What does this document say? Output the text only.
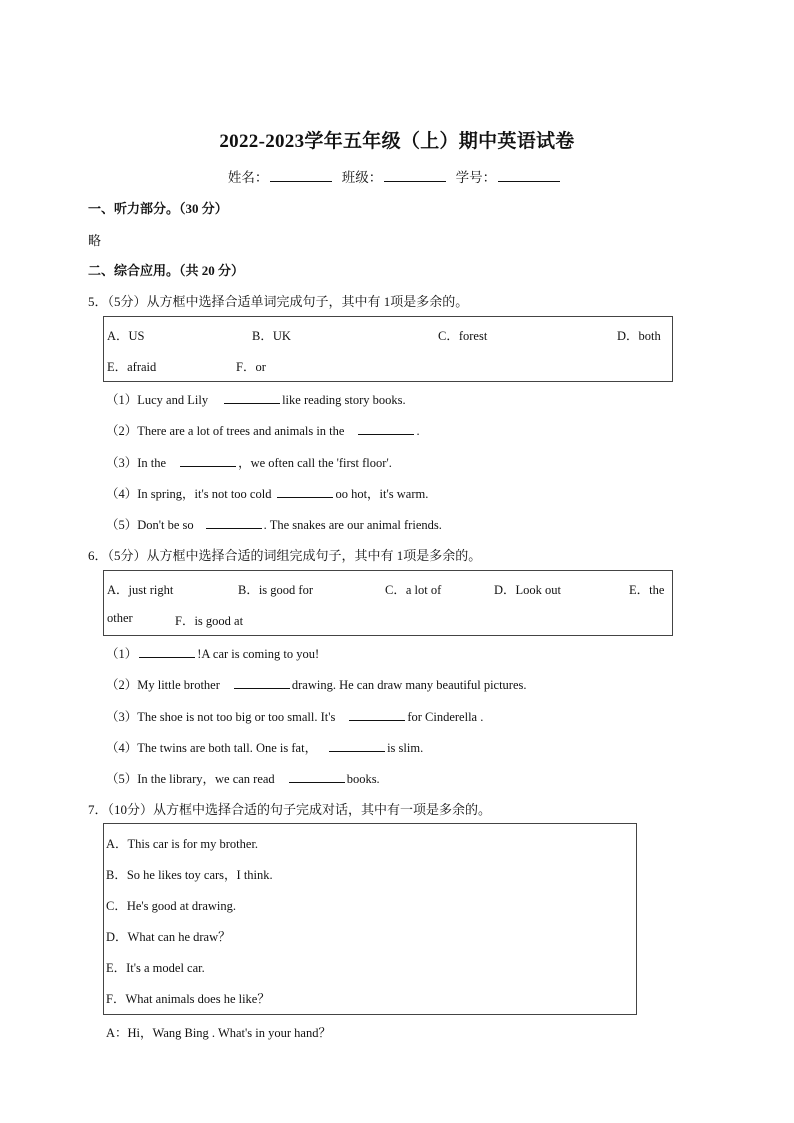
2022-2023学年五年级（上）期中英语试卷
姓名：	班级：	学号：
一、听力部分。（30 分）
略
二、综合应用。（共 20 分）
5．（5分）从方框中选择合适单词完成句子，其中有 1项是多余的。
A．US	B．UK	C．forest	D．both
E．afraid	F．or
（1）Lucy and Lily	like reading story books.
（2）There are a lot of trees and animals in the	.
（3）In the	，we often call the 'first floor'.
（4）In spring，it's not too cold	oo hot，it's warm.
（5）Don't be so	. The snakes are our animal friends.
6．（5分）从方框中选择合适的词组完成句子，其中有 1项是多余的。
A．just right	B．is good for	C．a lot of	D．Look out	E．the
other	F．is good at
（1）	!A car is coming to you!
（2）My little brother	drawing. He can draw many beautiful pictures.
（3）The shoe is not too big or too small. It's	for Cinderella .
（4）The twins are both tall. One is fat，	is slim.
（5）In the library，we can read	books.
7．（10分）从方框中选择合适的句子完成对话，其中有一项是多余的。
A．This car is for my brother.
B．So he likes toy cars，I think.
C．He's good at drawing.
D．What can he draw？
E．It's a model car.
F．What animals does he like？
A：Hi，Wang Bing . What's in your hand？
